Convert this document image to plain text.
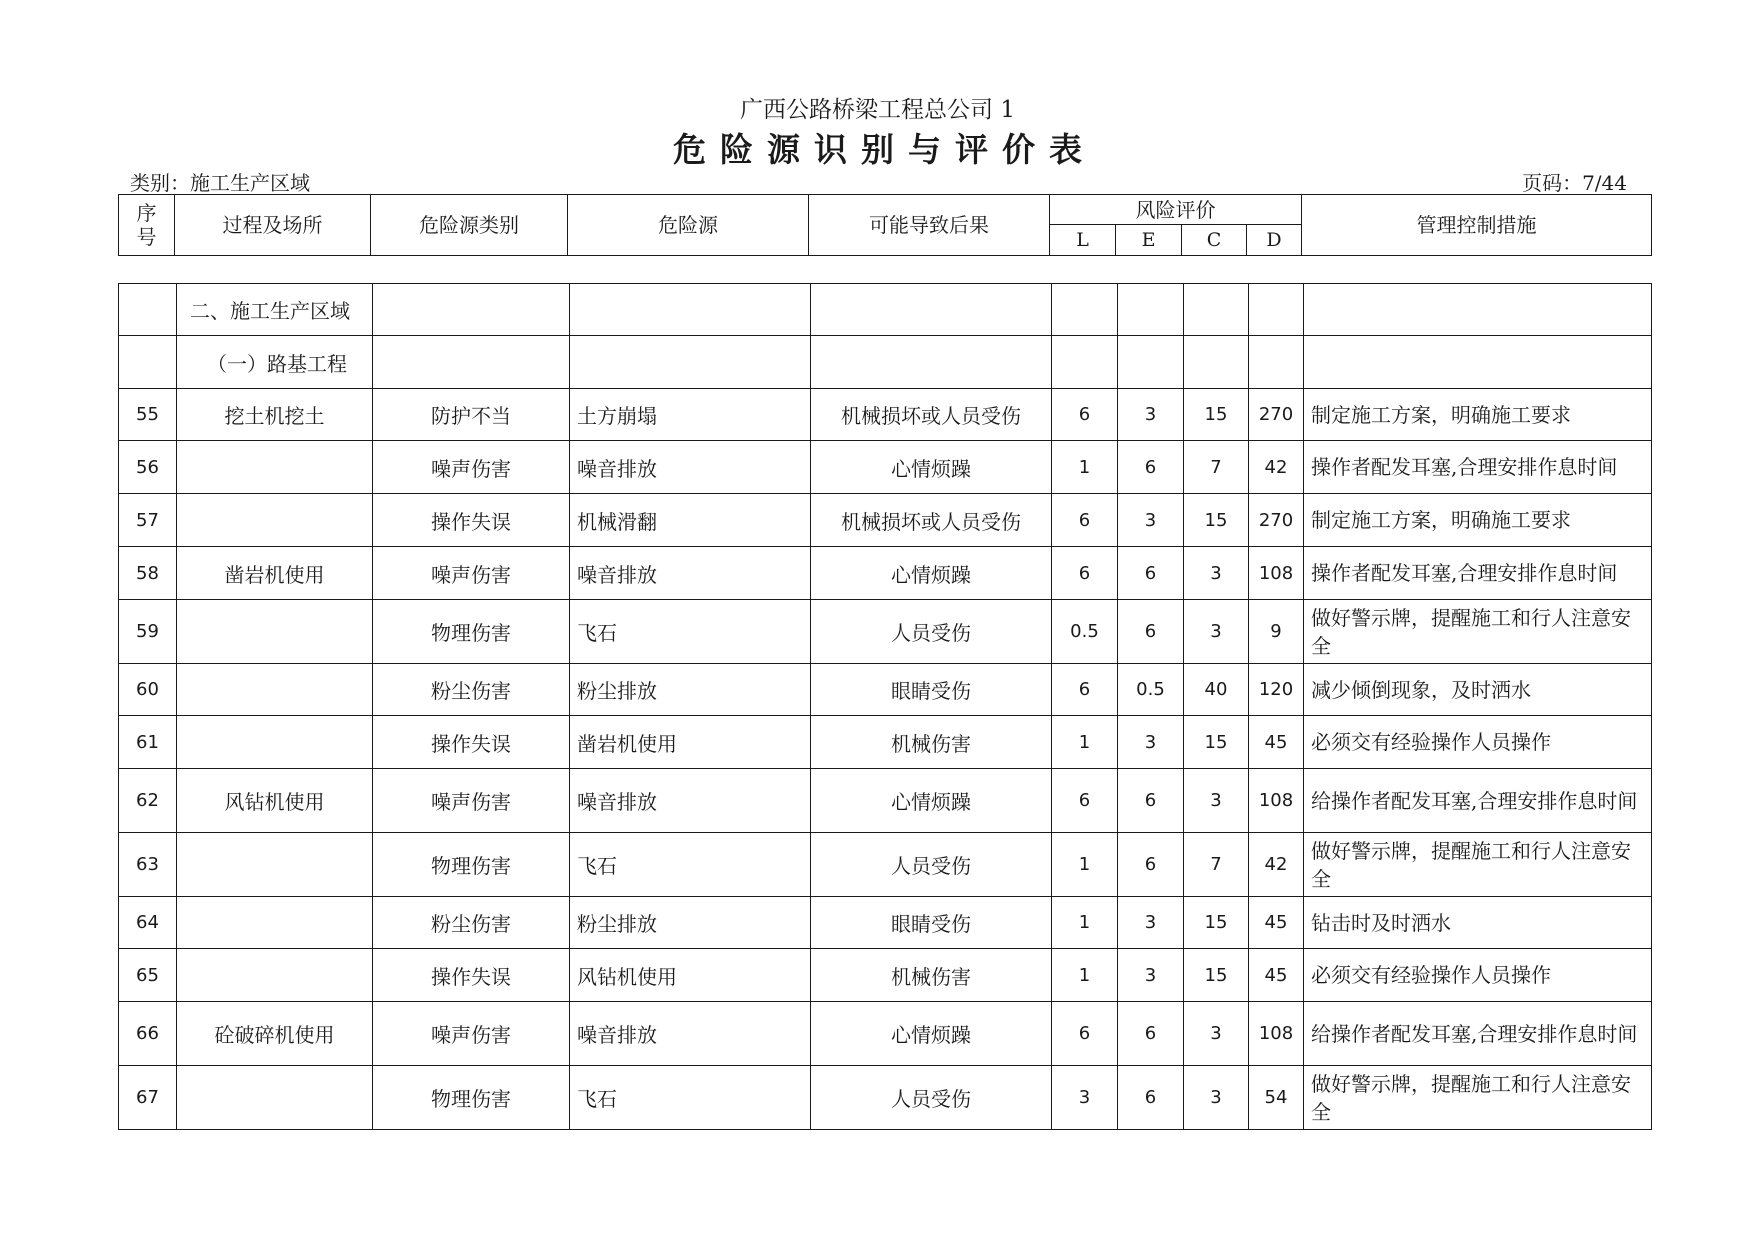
广西公路桥梁工程总公司 1
危险源识别与评价表
类别：施工生产区域	页码：7/44
序
号	过程及场所	危险源类别	危险源	可能导致后果	风险评价				管理控制措施
					L	E	C	D	
	二、施工生产区域								
	（一）路基工程								
55	挖土机挖土	防护不当	土方崩塌	机械损坏或人员受伤	6	3	15	270	制定施工方案，明确施工要求
56		噪声伤害	噪音排放	心情烦躁	1	6	7	42	操作者配发耳塞,合理安排作息时间
57		操作失误	机械滑翻	机械损坏或人员受伤	6	3	15	270	制定施工方案，明确施工要求
58	凿岩机使用	噪声伤害	噪音排放	心情烦躁	6	6	3	108	操作者配发耳塞,合理安排作息时间
59		物理伤害	飞石	人员受伤	0.5	6	3	9	做好警示牌，提醒施工和行人注意安全
60		粉尘伤害	粉尘排放	眼睛受伤	6	0.5	40	120	减少倾倒现象，及时洒水
61		操作失误	凿岩机使用	机械伤害	1	3	15	45	必须交有经验操作人员操作
62	风钻机使用	噪声伤害	噪音排放	心情烦躁	6	6	3	108	给操作者配发耳塞,合理安排作息时间
63		物理伤害	飞石	人员受伤	1	6	7	42	做好警示牌，提醒施工和行人注意安全
64		粉尘伤害	粉尘排放	眼睛受伤	1	3	15	45	钻击时及时洒水
65		操作失误	风钻机使用	机械伤害	1	3	15	45	必须交有经验操作人员操作
66	砼破碎机使用	噪声伤害	噪音排放	心情烦躁	6	6	3	108	给操作者配发耳塞,合理安排作息时间
67		物理伤害	飞石	人员受伤	3	6	3	54	做好警示牌，提醒施工和行人注意安全
